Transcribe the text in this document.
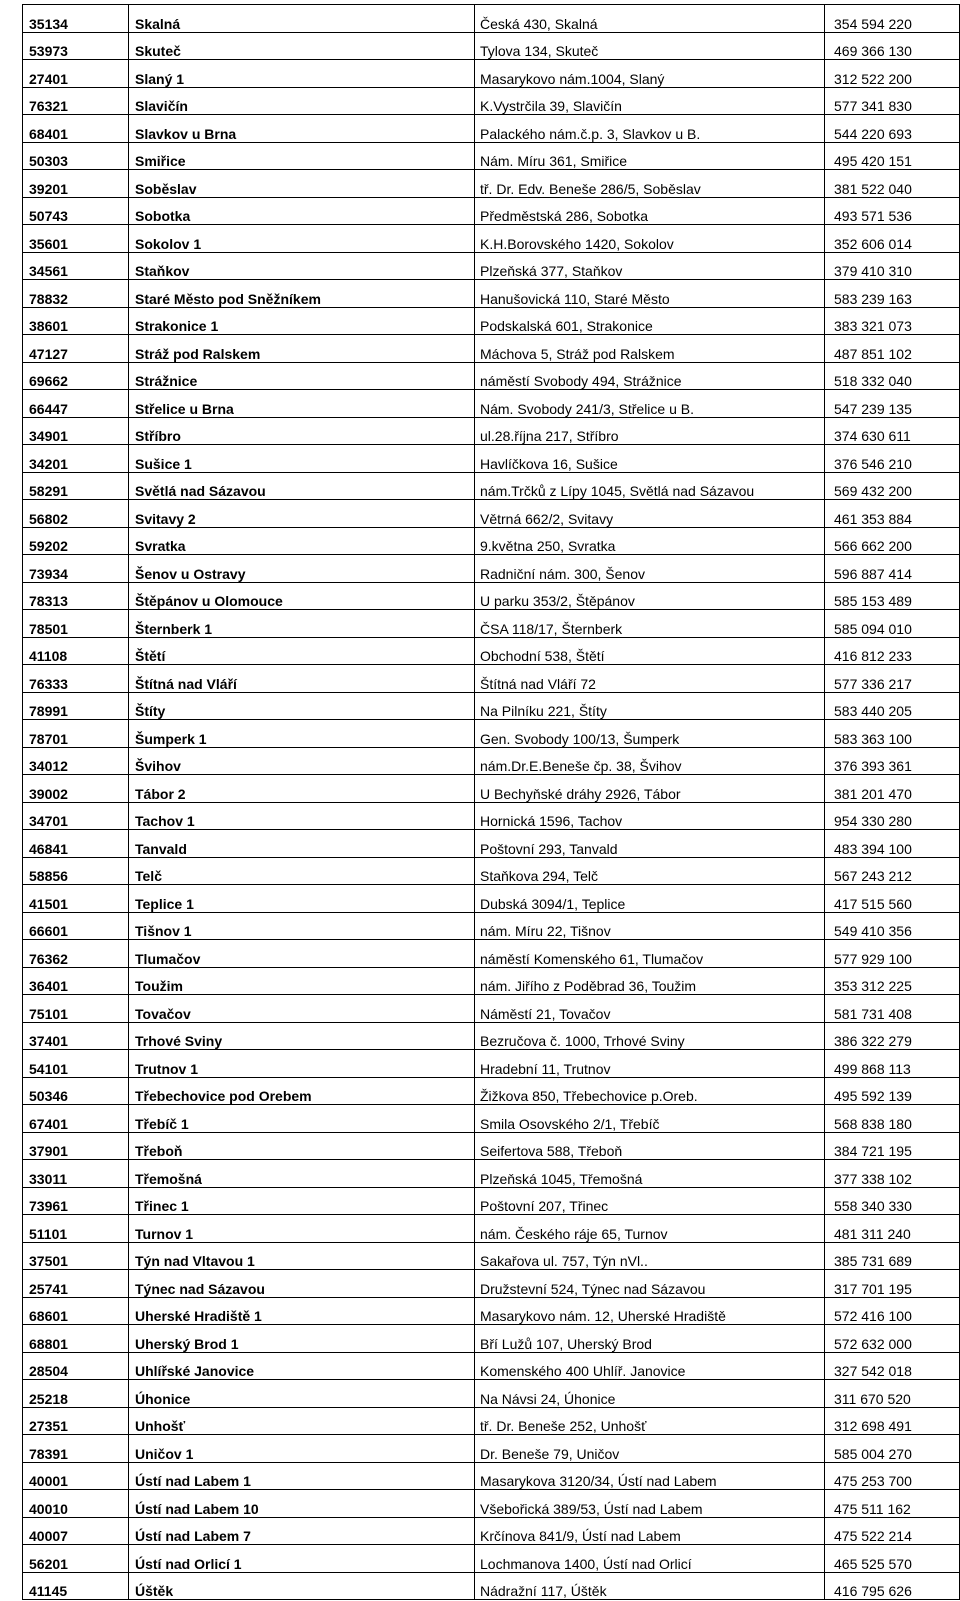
35134	Skalná	Česká 430, Skalná	354 594 220
53973	Skuteč	Tylova 134, Skuteč	469 366 130
27401	Slaný 1	Masarykovo nám.1004, Slaný	312 522 200
76321	Slavičín	K.Vystrčila 39, Slavičín	577 341 830
68401	Slavkov u Brna	Palackého nám.č.p. 3, Slavkov u B.	544 220 693
50303	Smiřice	Nám. Míru 361, Smiřice	495 420 151
39201	Soběslav	tř. Dr. Edv. Beneše 286/5, Soběslav	381 522 040
50743	Sobotka	Předměstská 286, Sobotka	493 571 536
35601	Sokolov 1	K.H.Borovského 1420, Sokolov	352 606 014
34561	Staňkov	Plzeňská 377, Staňkov	379 410 310
78832	Staré Město pod Sněžníkem	Hanušovická 110, Staré Město	583 239 163
38601	Strakonice 1	Podskalská 601, Strakonice	383 321 073
47127	Stráž pod Ralskem	Máchova 5, Stráž pod Ralskem	487 851 102
69662	Strážnice	náměstí Svobody 494, Strážnice	518 332 040
66447	Střelice u Brna	Nám. Svobody 241/3, Střelice u B.	547 239 135
34901	Stříbro	ul.28.října 217, Stříbro	374 630 611
34201	Sušice 1	Havlíčkova 16, Sušice	376 546 210
58291	Světlá nad Sázavou	nám.Trčků z Lípy 1045, Světlá nad Sázavou	569 432 200
56802	Svitavy 2	Větrná 662/2, Svitavy	461 353 884
59202	Svratka	9.května 250, Svratka	566 662 200
73934	Šenov u Ostravy	Radniční nám. 300, Šenov	596 887 414
78313	Štěpánov u Olomouce	U parku 353/2, Štěpánov	585 153 489
78501	Šternberk 1	ČSA 118/17, Šternberk	585 094 010
41108	Štětí	Obchodní 538, Štětí	416 812 233
76333	Štítná nad Vláří	Štítná nad Vláří 72	577 336 217
78991	Štíty	Na Pilníku 221, Štíty	583 440 205
78701	Šumperk 1	Gen. Svobody 100/13, Šumperk	583 363 100
34012	Švihov	nám.Dr.E.Beneše čp. 38, Švihov	376 393 361
39002	Tábor 2	U Bechyňské dráhy 2926, Tábor	381 201 470
34701	Tachov 1	Hornická 1596, Tachov	954 330 280
46841	Tanvald	Poštovní 293, Tanvald	483 394 100
58856	Telč	Staňkova 294, Telč	567 243 212
41501	Teplice 1	Dubská 3094/1, Teplice	417 515 560
66601	Tišnov 1	nám. Míru 22, Tišnov	549 410 356
76362	Tlumačov	náměstí Komenského 61, Tlumačov	577 929 100
36401	Toužim	nám. Jiřího z Poděbrad 36, Toužim	353 312 225
75101	Tovačov	Náměstí 21, Tovačov	581 731 408
37401	Trhové Sviny	Bezručova č. 1000, Trhové Sviny	386 322 279
54101	Trutnov 1	Hradební 11, Trutnov	499 868 113
50346	Třebechovice pod Orebem	Žižkova 850, Třebechovice p.Oreb.	495 592 139
67401	Třebíč 1	Smila Osovského 2/1, Třebíč	568 838 180
37901	Třeboň	Seifertova 588, Třeboň	384 721 195
33011	Třemošná	Plzeňská 1045, Třemošná	377 338 102
73961	Třinec 1	Poštovní 207, Třinec	558 340 330
51101	Turnov 1	nám. Českého ráje 65, Turnov	481 311 240
37501	Týn nad Vltavou 1	Sakařova ul. 757, Týn nVl..	385 731 689
25741	Týnec nad Sázavou	Družstevní 524, Týnec nad Sázavou	317 701 195
68601	Uherské Hradiště 1	Masarykovo nám. 12, Uherské Hradiště	572 416 100
68801	Uherský Brod 1	Bří Lužů 107, Uherský Brod	572 632 000
28504	Uhlířské Janovice	Komenského 400 Uhlíř. Janovice	327 542 018
25218	Úhonice	Na Návsi 24, Úhonice	311 670 520
27351	Unhošť	tř. Dr. Beneše 252, Unhošť	312 698 491
78391	Uničov 1	Dr. Beneše 79, Uničov	585 004 270
40001	Ústí nad Labem 1	Masarykova 3120/34, Ústí nad Labem	475 253 700
40010	Ústí nad Labem 10	Všebořická 389/53, Ústí nad Labem	475 511 162
40007	Ústí nad Labem 7	Krčínova 841/9, Ústí nad Labem	475 522 214
56201	Ústí nad Orlicí 1	Lochmanova 1400, Ústí nad Orlicí	465 525 570
41145	Úštěk	Nádražní 117, Úštěk	416 795 626
